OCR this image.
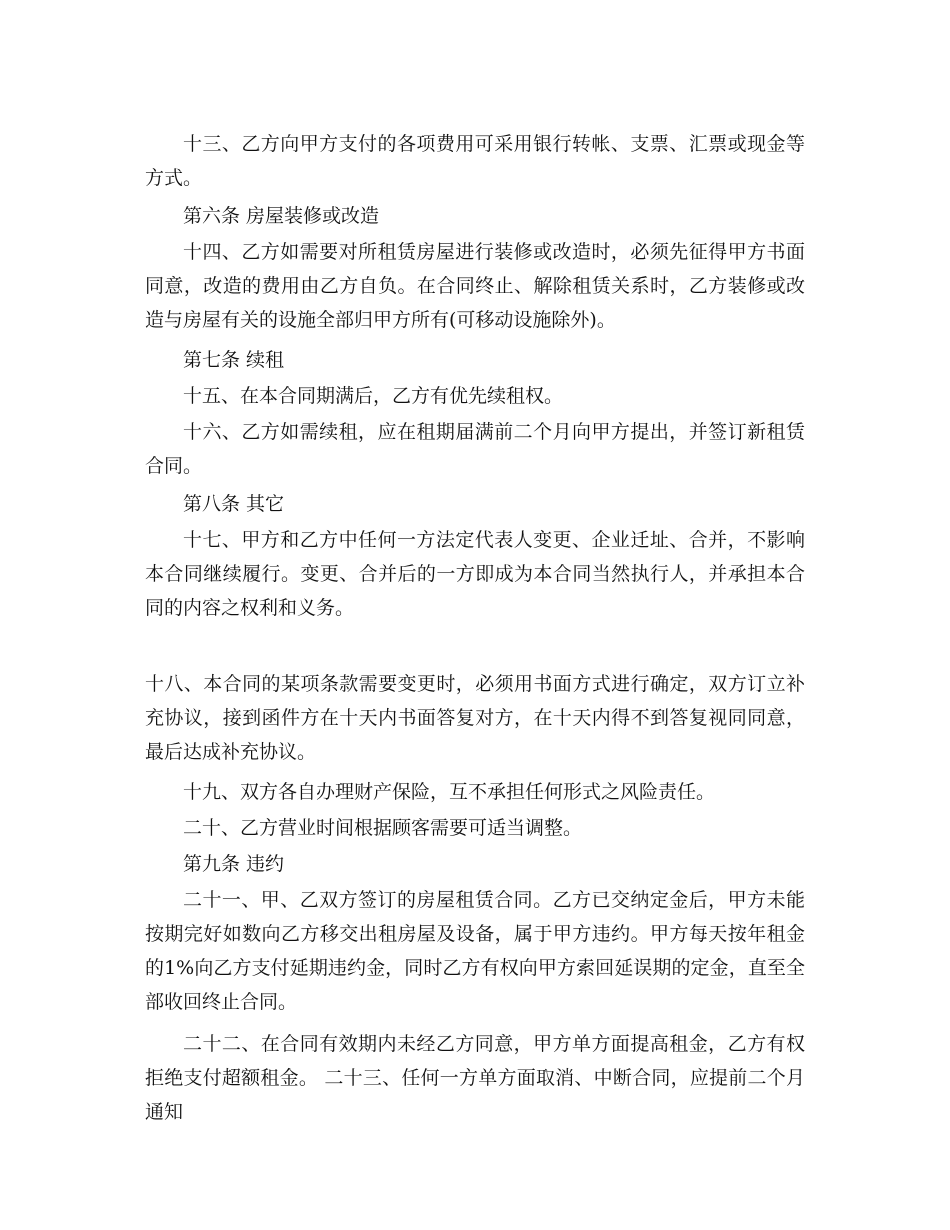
十三、乙方向甲方支付的各项费用可采用银行转帐、支票、汇票或现金等方式。

第六条 房屋装修或改造

十四、乙方如需要对所租赁房屋进行装修或改造时，必须先征得甲方书面同意，改造的费用由乙方自负。在合同终止、解除租赁关系时，乙方装修或改造与房屋有关的设施全部归甲方所有(可移动设施除外)。

第七条 续租

十五、在本合同期满后，乙方有优先续租权。

十六、乙方如需续租，应在租期届满前二个月向甲方提出，并签订新租赁合同。

第八条 其它

十七、甲方和乙方中任何一方法定代表人变更、企业迁址、合并，不影响本合同继续履行。变更、合并后的一方即成为本合同当然执行人，并承担本合同的内容之权利和义务。

十八、本合同的某项条款需要变更时，必须用书面方式进行确定，双方订立补充协议，接到函件方在十天内书面答复对方，在十天内得不到答复视同同意，最后达成补充协议。

十九、双方各自办理财产保险，互不承担任何形式之风险责任。

二十、乙方营业时间根据顾客需要可适当调整。

第九条 违约

二十一、甲、乙双方签订的房屋租赁合同。乙方已交纳定金后，甲方未能按期完好如数向乙方移交出租房屋及设备，属于甲方违约。甲方每天按年租金的1%向乙方支付延期违约金，同时乙方有权向甲方索回延误期的定金，直至全部收回终止合同。

二十二、在合同有效期内未经乙方同意，甲方单方面提高租金，乙方有权拒绝支付超额租金。 二十三、任何一方单方面取消、中断合同，应提前二个月通知
